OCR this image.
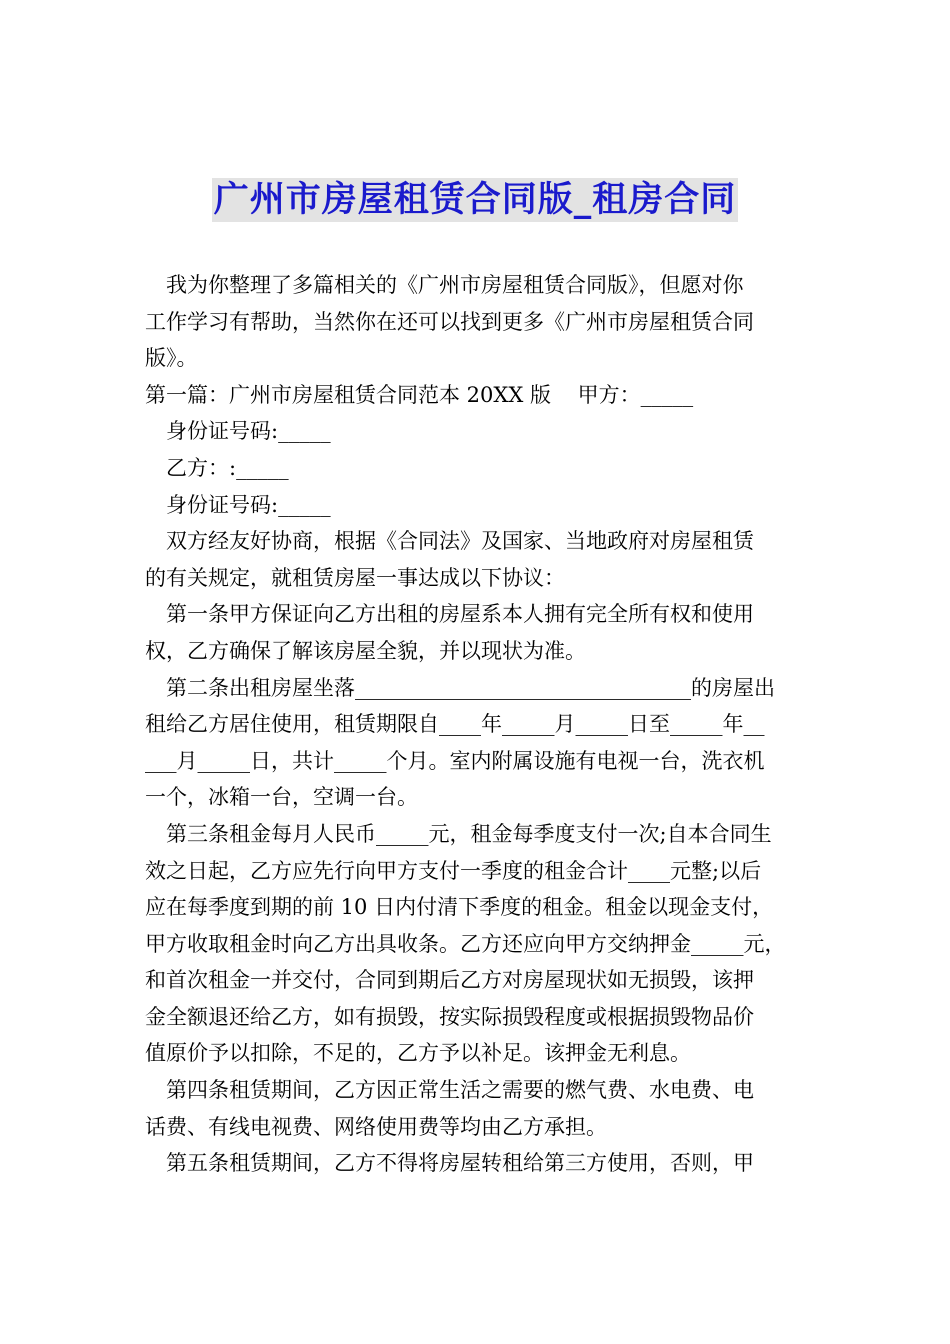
广州市房屋租赁合同版_租房合同
我为你整理了多篇相关的《广州市房屋租赁合同版》，但愿对你
工作学习有帮助，当然你在还可以找到更多《广州市房屋租赁合同
版》。
第一篇：广州市房屋租赁合同范本 20XX 版    甲方：_____
身份证号码:_____
乙方：:_____
身份证号码:_____
双方经友好协商，根据《合同法》及国家、当地政府对房屋租赁
的有关规定，就租赁房屋一事达成以下协议：
第一条甲方保证向乙方出租的房屋系本人拥有完全所有权和使用
权，乙方确保了解该房屋全貌，并以现状为准。
第二条出租房屋坐落________________________________的房屋出
租给乙方居住使用，租赁期限自____年_____月_____日至_____年__
___月_____日，共计_____个月。室内附属设施有电视一台，洗衣机
一个，冰箱一台，空调一台。
第三条租金每月人民币_____元，租金每季度支付一次;自本合同生
效之日起，乙方应先行向甲方支付一季度的租金合计____元整;以后
应在每季度到期的前 10 日内付清下季度的租金。租金以现金支付，
甲方收取租金时向乙方出具收条。乙方还应向甲方交纳押金_____元，
和首次租金一并交付，合同到期后乙方对房屋现状如无损毁，该押
金全额退还给乙方，如有损毁，按实际损毁程度或根据损毁物品价
值原价予以扣除，不足的，乙方予以补足。该押金无利息。
第四条租赁期间，乙方因正常生活之需要的燃气费、水电费、电
话费、有线电视费、网络使用费等均由乙方承担。
第五条租赁期间，乙方不得将房屋转租给第三方使用，否则，甲
